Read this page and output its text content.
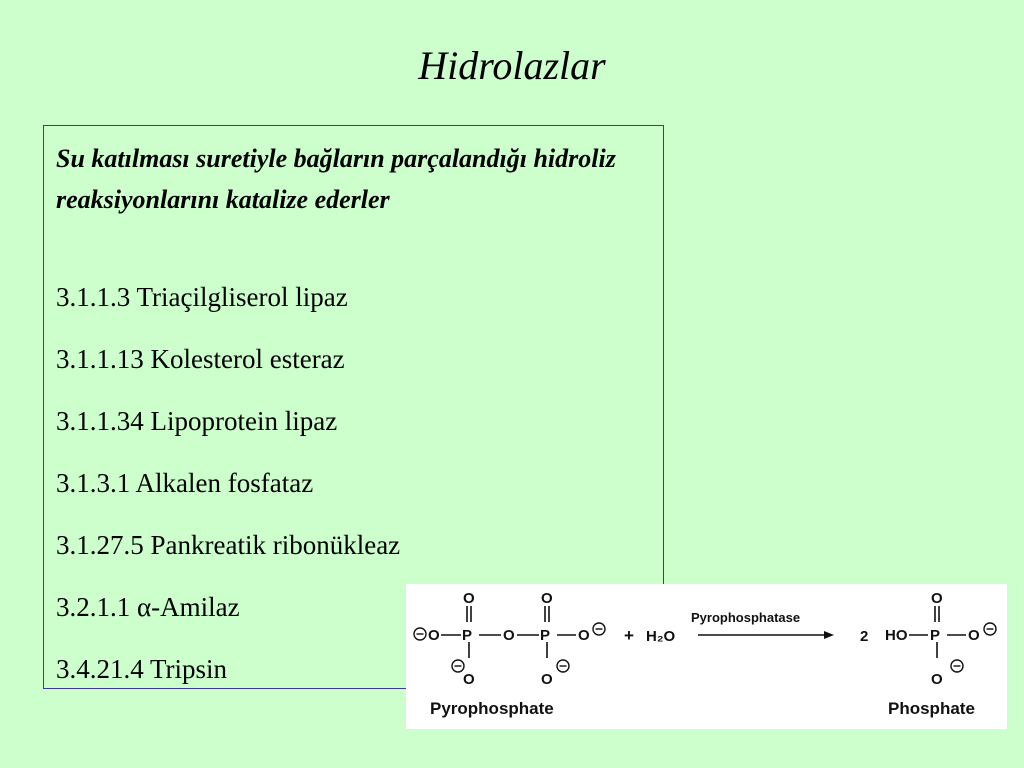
Hidrolazlar
Su katılması suretiyle bağların parçalandığı hidroliz reaksiyonlarını katalize ederler
3.1.1.3 Triaçilgliserol lipaz
3.1.1.13 Kolesterol esteraz
3.1.1.34 Lipoprotein lipaz
3.1.3.1 Alkalen fosfataz
3.1.27.5 Pankreatik ribonükleaz
3.2.1.1 α-Amilaz
3.4.21.4 Tripsin
O P
O
O
O P
O
O
O + H₂O
Pyrophosphatase
2 HO P
O
O
O
Pyrophosphate	Phosphate
